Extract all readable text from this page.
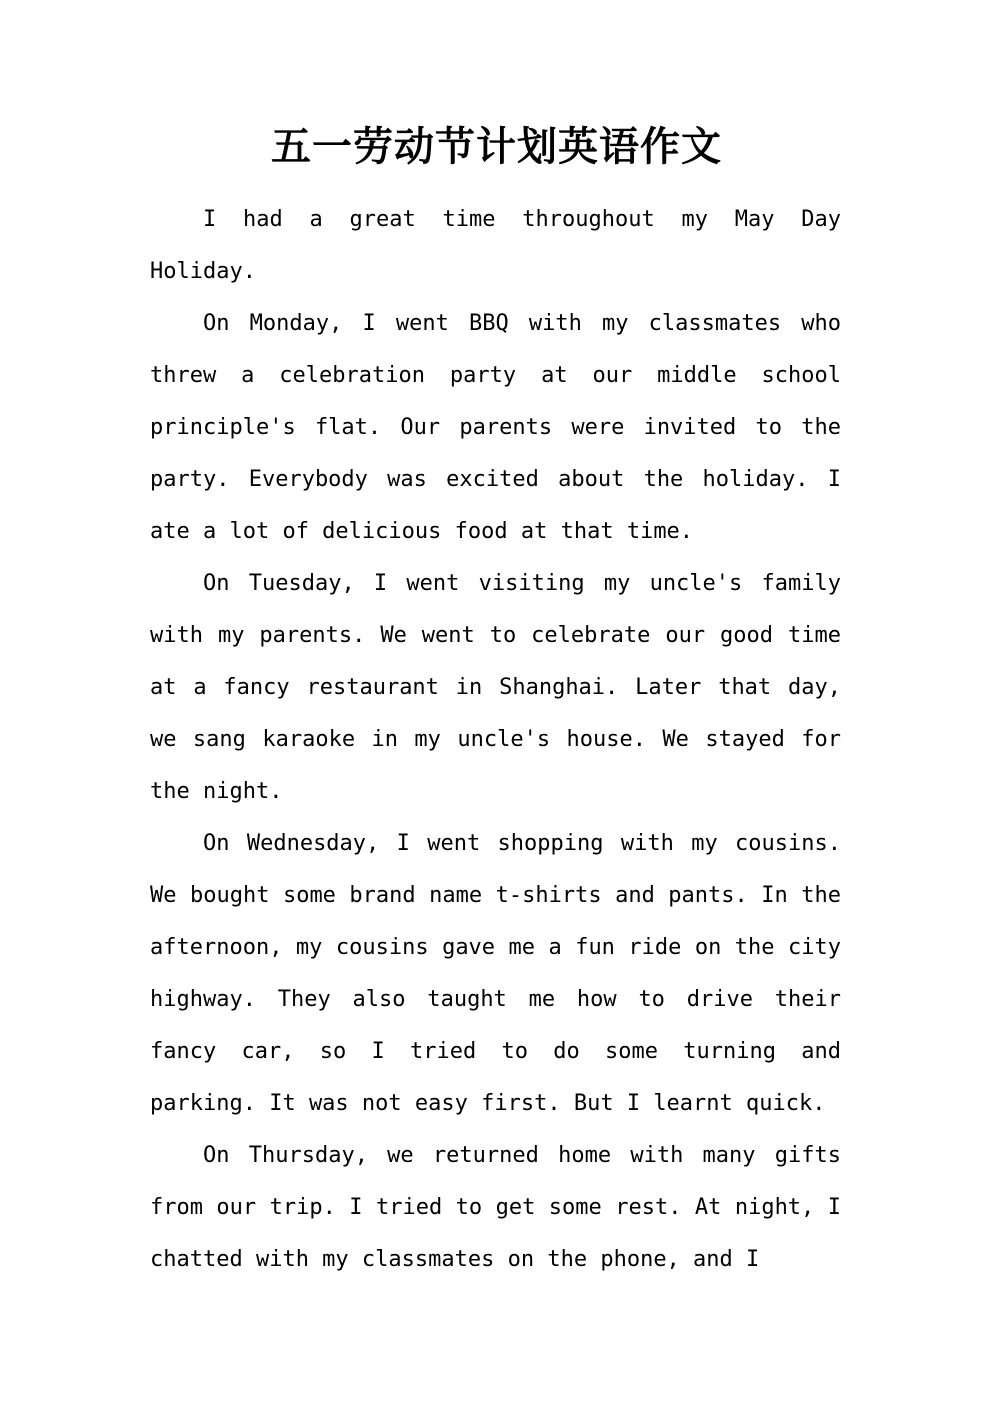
五一劳动节计划英语作文

I had a great time throughout my May Day Holiday.

On Monday, I went BBQ with my classmates who threw a celebration party at our middle school principle's flat. Our parents were invited to the party. Everybody was excited about the holiday. I ate a lot of delicious food at that time.

On Tuesday, I went visiting my uncle's family with my parents. We went to celebrate our good time at a fancy restaurant in Shanghai. Later that day, we sang karaoke in my uncle's house. We stayed for the night.

On Wednesday, I went shopping with my cousins. We bought some brand name t-shirts and pants. In the afternoon, my cousins gave me a fun ride on the city highway. They also taught me how to drive their fancy car, so I tried to do some turning and parking. It was not easy first. But I learnt quick.

On Thursday, we returned home with many gifts from our trip. I tried to get some rest. At night, I chatted with my classmates on the phone, and I
